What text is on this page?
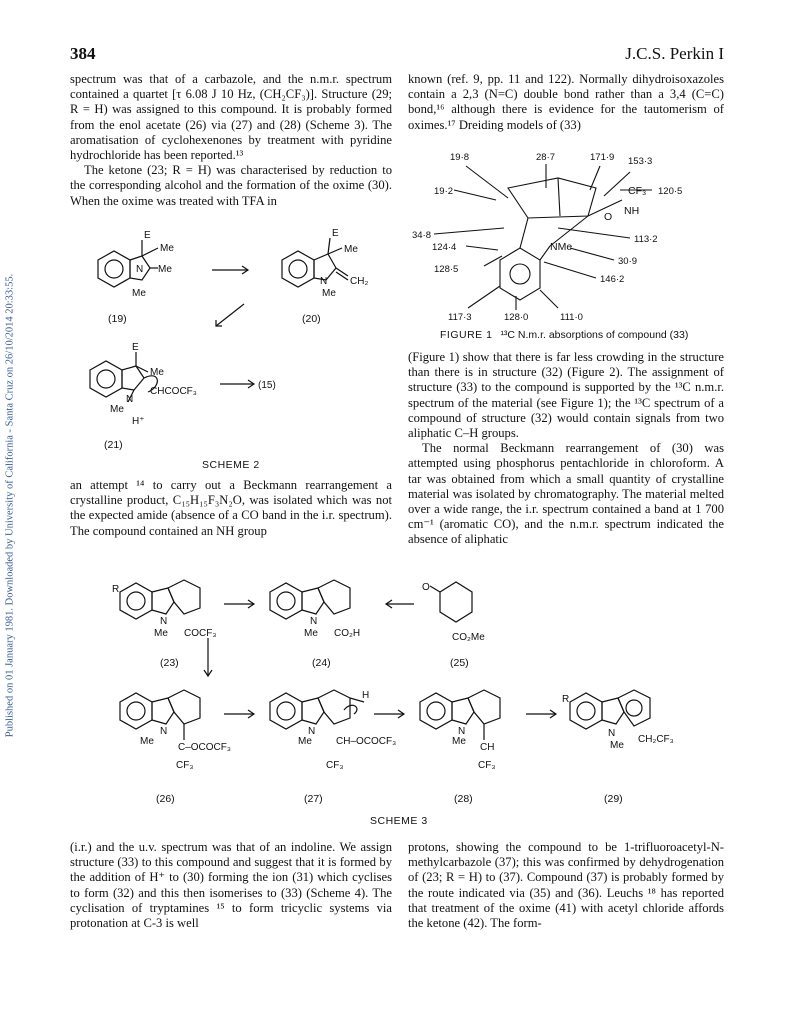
Published on 01 January 1981. Downloaded by University of California - Santa Cruz on 26/10/2014 20:33:55.
384	J.C.S. Perkin I

spectrum was that of a carbazole, and the n.m.r. spectrum contained a quartet [τ 6.08 J 10 Hz, (CH₂CF₃)]. Structure (29; R = H) was assigned to this compound. It is probably formed from the enol acetate (26) via (27) and (28) (Scheme 3). The aromatisation of cyclohexenones by treatment with pyridine hydrochloride has been reported.¹³

The ketone (23; R = H) was characterised by reduction to the corresponding alcohol and the formation of the oxime (30). When the oxime was treated with TFA in

E
Me
N Me
Me
(19)
E
Me
N CH₂
Me
(20)
E
Me
N
CHCOCF₃
Me
H⁺
(15)
(21)
SCHEME 2

an attempt ¹⁴ to carry out a Beckmann rearrangement a crystalline product, C₁₅H₁₅F₃N₂O, was isolated which was not the expected amide (absence of a CO band in the i.r. spectrum). The compound contained an NH group

known (ref. 9, pp. 11 and 122). Normally dihydroisoxazoles contain a 2,3 (N=C) double bond rather than a 3,4 (C=C) bond,¹⁶ although there is evidence for the tautomerism of oximes.¹⁷ Dreiding models of (33)

19·8	28·7	171·9 153·3
19·2	120·5
34·8	113·2
124·4
30·9
128·5
146·2
117·3	128·0	111·0
CF₃
NH
O
NMe
FIGURE 1 ¹³C N.m.r. absorptions of compound (33)

(Figure 1) show that there is far less crowding in the structure than there is in structure (32) (Figure 2). The assignment of structure (33) to the compound is supported by the ¹³C n.m.r. spectrum of the material (see Figure 1); the ¹³C spectrum of a compound of structure (32) would contain signals from two aliphatic C–H groups.

The normal Beckmann rearrangement of (30) was attempted using phosphorus pentachloride in chloroform. A tar was obtained from which a small quantity of crystalline material was isolated by chromatography. The material melted over a wide range, the i.r. spectrum contained a band at 1 700 cm⁻¹ (aromatic CO), and the n.m.r. spectrum indicated the absence of aliphatic

R
N
Me COCF₃
(23)
N
Me CO₂H
(24)
O
CO₂Me
(25)
N
Me
C–OCOCF₃
CF₃
(26)
H
N
Me CH–OCOCF₃
CF₃
(27)
N
Me
CH
CF₃
(28)
R
N
Me
CH₂CF₃
(29)
SCHEME 3

(i.r.) and the u.v. spectrum was that of an indoline. We assign structure (33) to this compound and suggest that it is formed by the addition of H⁺ to (30) forming the ion (31) which cyclises to form (32) and this then isomerises to (33) (Scheme 4). The cyclisation of tryptamines ¹⁵ to form tricyclic systems via protonation at C-3 is well

protons, showing the compound to be 1-trifluoroacetyl-N-methylcarbazole (37); this was confirmed by dehydrogenation of (23; R = H) to (37). Compound (37) is probably formed by the route indicated via (35) and (36). Leuchs ¹⁸ has reported that treatment of the oxime (41) with acetyl chloride affords the ketone (42). The form-
